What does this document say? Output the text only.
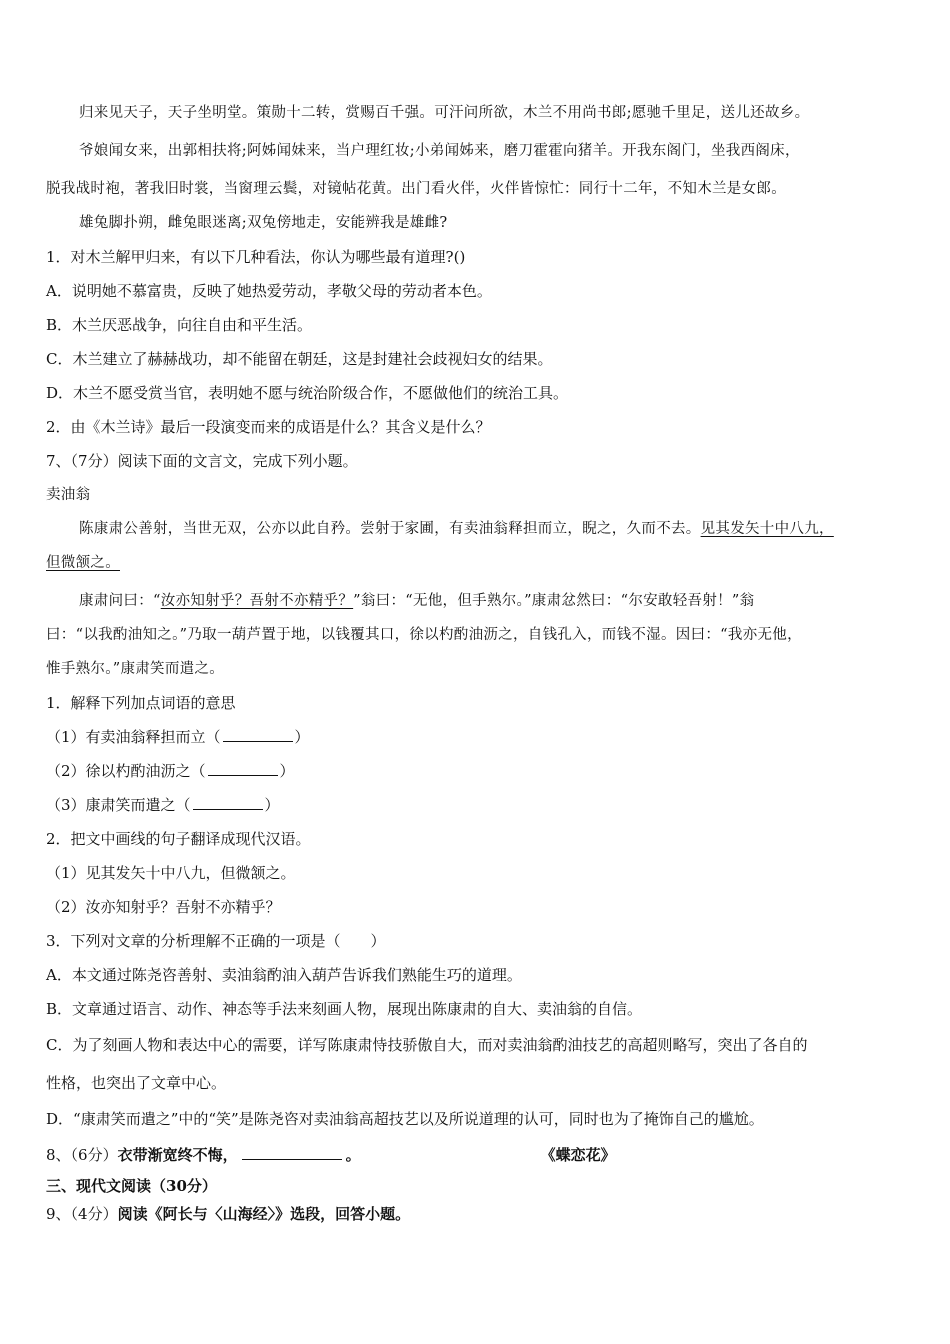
归来见天子，天子坐明堂。策勋十二转，赏赐百千强。可汗问所欲，木兰不用尚书郎;愿驰千里足，送儿还故乡。
爷娘闻女来，出郭相扶将;阿姊闻妹来，当户理红妆;小弟闻姊来，磨刀霍霍向猪羊。开我东阁门，坐我西阁床，
脱我战时袍，著我旧时裳，当窗理云鬓，对镜帖花黄。出门看火伴，火伴皆惊忙：同行十二年，不知木兰是女郎。
雄兔脚扑朔，雌兔眼迷离;双兔傍地走，安能辨我是雄雌?
1．对木兰解甲归来，有以下几种看法，你认为哪些最有道理?()
A．说明她不慕富贵，反映了她热爱劳动，孝敬父母的劳动者本色。
B．木兰厌恶战争，向往自由和平生活。
C．木兰建立了赫赫战功，却不能留在朝廷，这是封建社会歧视妇女的结果。
D．木兰不愿受赏当官，表明她不愿与统治阶级合作，不愿做他们的统治工具。
2．由《木兰诗》最后一段演变而来的成语是什么？其含义是什么？
7、（7分）阅读下面的文言文，完成下列小题。
卖油翁
陈康肃公善射，当世无双，公亦以此自矜。尝射于家圃，有卖油翁释担而立，睨之，久而不去。见其发矢十中八九，
但微颔之。
康肃问曰：“汝亦知射乎？吾射不亦精乎？”翁曰：“无他，但手熟尔。”康肃忿然曰：“尔安敢轻吾射！”翁
曰：“以我酌油知之。”乃取一葫芦置于地，以钱覆其口，徐以杓酌油沥之，自钱孔入，而钱不湿。因曰：“我亦无他，
惟手熟尔。”康肃笑而遣之。
1．解释下列加点词语的意思
（1）有卖油翁释担而立（	）
（2）徐以杓酌油沥之（	）
（3）康肃笑而遣之（	）
2．把文中画线的句子翻译成现代汉语。
（1）见其发矢十中八九，但微颔之。
（2）汝亦知射乎？吾射不亦精乎？
3．下列对文章的分析理解不正确的一项是（　　）
A．本文通过陈尧咨善射、卖油翁酌油入葫芦告诉我们熟能生巧的道理。
B．文章通过语言、动作、神态等手法来刻画人物，展现出陈康肃的自大、卖油翁的自信。
C．为了刻画人物和表达中心的需要，详写陈康肃恃技骄傲自大，而对卖油翁酌油技艺的高超则略写，突出了各自的
性格，也突出了文章中心。
D．“康肃笑而遣之”中的“笑”是陈尧咨对卖油翁高超技艺以及所说道理的认可，同时也为了掩饰自己的尴尬。
8、（6分）衣带渐宽终不悔，	。	《蝶恋花》
三、现代文阅读（30分）
9、（4分）阅读《阿长与〈山海经〉》选段，回答小题。
